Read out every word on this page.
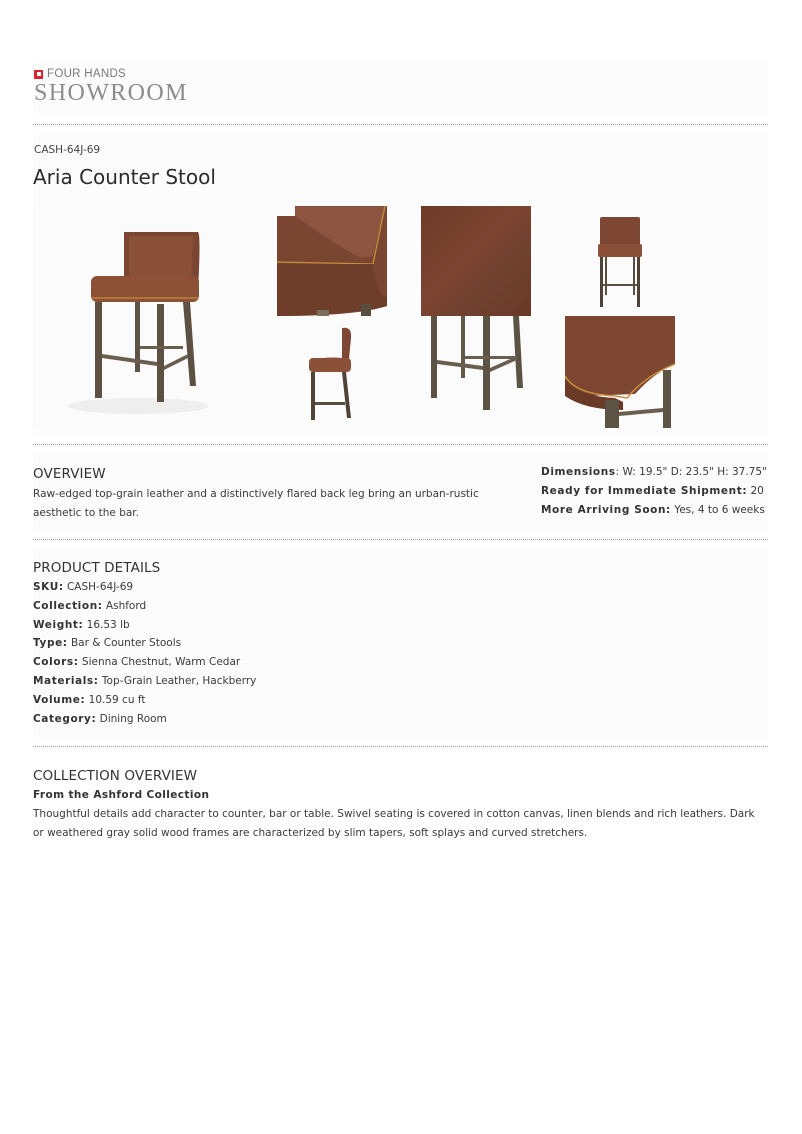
FOUR HANDS
SHOWROOM
CASH-64J-69
Aria Counter Stool
OVERVIEW
Raw-edged top-grain leather and a distinctively flared back leg bring an urban-rustic aesthetic to the bar.
Dimensions: W: 19.5" D: 23.5" H: 37.75"
Ready for Immediate Shipment: 20
More Arriving Soon: Yes, 4 to 6 weeks
PRODUCT DETAILS
SKU: CASH-64J-69
Collection: Ashford
Weight: 16.53 lb
Type: Bar & Counter Stools
Colors: Sienna Chestnut, Warm Cedar
Materials: Top-Grain Leather, Hackberry
Volume: 10.59 cu ft
Category: Dining Room
COLLECTION OVERVIEW
From the Ashford Collection
Thoughtful details add character to counter, bar or table. Swivel seating is covered in cotton canvas, linen blends and rich leathers. Dark or weathered gray solid wood frames are characterized by slim tapers, soft splays and curved stretchers.
